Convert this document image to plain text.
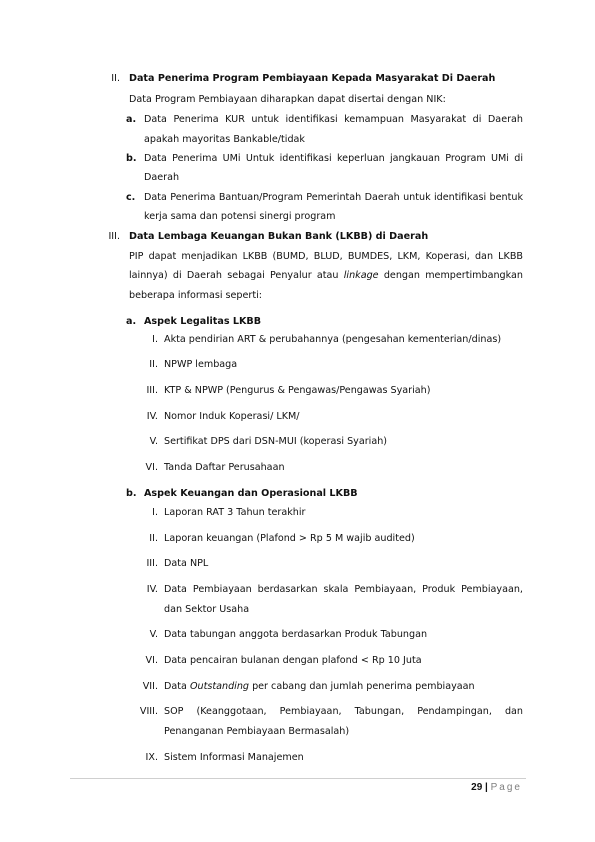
II. Data Penerima Program Pembiayaan Kepada Masyarakat Di Daerah
Data Program Pembiayaan diharapkan dapat disertai dengan NIK:
a. Data Penerima KUR untuk identifikasi kemampuan Masyarakat di Daerah
apakah mayoritas Bankable/tidak
b. Data Penerima UMi Untuk identifikasi keperluan jangkauan Program UMi di
Daerah
c. Data Penerima Bantuan/Program Pemerintah Daerah untuk identifikasi bentuk
kerja sama dan potensi sinergi program
III. Data Lembaga Keuangan Bukan Bank (LKBB) di Daerah
PIP dapat menjadikan LKBB (BUMD, BLUD, BUMDES, LKM, Koperasi, dan LKBB
lainnya) di Daerah sebagai Penyalur atau linkage dengan mempertimbangkan
beberapa informasi seperti:
a. Aspek Legalitas LKBB
I. Akta pendirian ART & perubahannya (pengesahan kementerian/dinas)
II. NPWP lembaga
III. KTP & NPWP (Pengurus & Pengawas/Pengawas Syariah)
IV. Nomor Induk Koperasi/ LKM/
V. Sertifikat DPS dari DSN-MUI (koperasi Syariah)
VI. Tanda Daftar Perusahaan
b. Aspek Keuangan dan Operasional LKBB
I. Laporan RAT 3 Tahun terakhir
II. Laporan keuangan (Plafond > Rp 5 M wajib audited)
III. Data NPL
IV. Data Pembiayaan berdasarkan skala Pembiayaan, Produk Pembiayaan,
dan Sektor Usaha
V. Data tabungan anggota berdasarkan Produk Tabungan
VI. Data pencairan bulanan dengan plafond < Rp 10 Juta
VII. Data Outstanding per cabang dan jumlah penerima pembiayaan
VIII. SOP (Keanggotaan, Pembiayaan, Tabungan, Pendampingan, dan
Penanganan Pembiayaan Bermasalah)
IX. Sistem Informasi Manajemen
29 | Page
